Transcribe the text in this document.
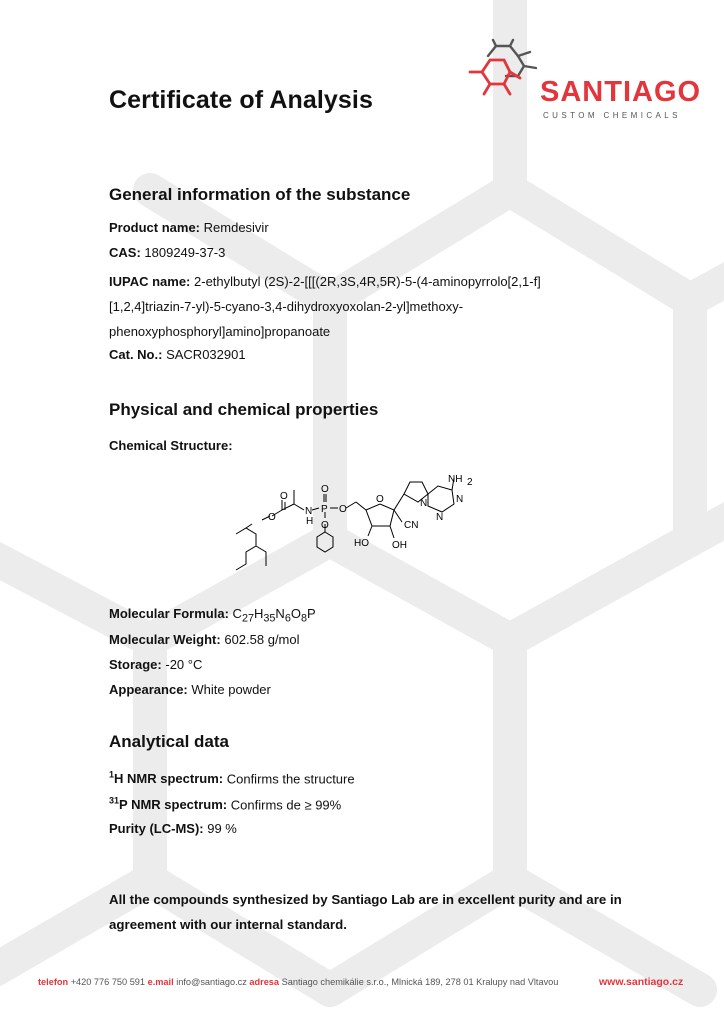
Certificate of Analysis	SANTIAGO
CUSTOM CHEMICALS
General information of the substance
Product name: Remdesivir
CAS: 1809249-37-3
IUPAC name: 2-ethylbutyl (2S)-2-[[[(2R,3S,4R,5R)-5-(4-aminopyrrolo[2,1-f][1,2,4]triazin-7-yl)-5-cyano-3,4-dihydroxyoxolan-2-yl]methoxy-phenoxyphosphoryl]amino]propanoate
Cat. No.: SACR032901
Physical and chemical properties
Chemical Structure:
O
O
N
H
P
O
O
O
O	N
N
N
NH 2
CN
HO OH
Molecular Formula: $C_{27}H_{35}N_6O_8P$
Molecular Weight: 602.58 g/mol
Storage: -20 °C
Appearance: White powder
Analytical data
$^1$H NMR spectrum: Confirms the structure
$^{31}$P NMR spectrum: Confirms de ≥ 99%
Purity (LC-MS): 99 %

All the compounds synthesized by Santiago Lab are in excellent purity and are in agreement with our internal standard.

telefon +420 776 750 591 e.mail info@santiago.cz adresa Santiago chemikálie s.r.o., Mlnická 189, 278 01 Kralupy nad Vltavou	www.santiago.cz
